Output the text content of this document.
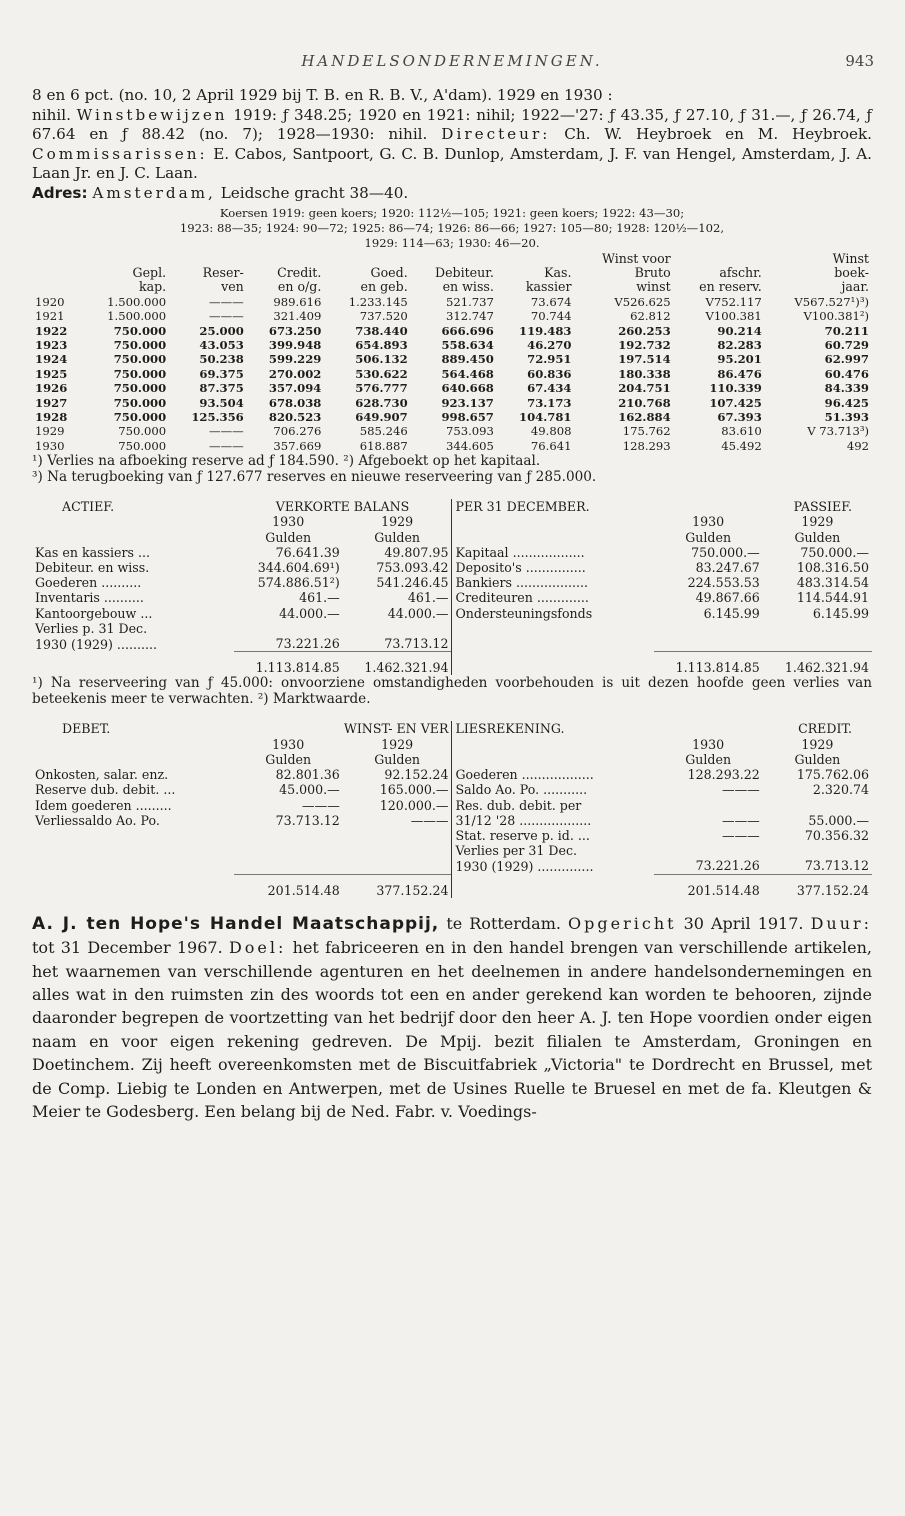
HANDELSONDERNEMINGEN.	943

8 en 6 pct. (no. 10, 2 April 1929 bij T. B. en R. B. V., A'dam). 1929 en 1930 :

nihil. Winstbewijzen 1919: ƒ 348.25; 1920 en 1921: nihil; 1922—'27: ƒ 43.35, ƒ 27.10, ƒ 31.—, ƒ 26.74, ƒ 67.64 en ƒ 88.42 (no. 7); 1928—1930: nihil. Directeur: Ch. W. Heybroek en M. Heybroek. Commissarissen: E. Cabos, Santpoort, G. C. B. Dunlop, Amsterdam, J. F. van Hengel, Amsterdam, J. A. Laan Jr. en J. C. Laan.

Adres: Amsterdam, Leidsche gracht 38—40.

Koersen 1919: geen koers; 1920: 112½—105; 1921: geen koers; 1922: 43—30;

1923: 88—35; 1924: 90—72; 1925: 86—74; 1926: 86—66; 1927: 105—80; 1928: 120½—102,

1929: 114—63; 1930: 46—20.

							Winst voor		Winst
	Gepl.	Reser-	Credit.	Goed.	Debiteur.	Kas.	Bruto	afschr.	boek-
	kap.	ven	en o/g.	en geb.	en wiss.	kassier	winst	en reserv.	jaar.
1920	1.500.000	———	989.616	1.233.145	521.737	73.674	V526.625	V752.117	V567.527¹)³)
1921	1.500.000	———	321.409	737.520	312.747	70.744	62.812	V100.381	V100.381²)
1922	750.000	25.000	673.250	738.440	666.696	119.483	260.253	90.214	70.211
1923	750.000	43.053	399.948	654.893	558.634	46.270	192.732	82.283	60.729
1924	750.000	50.238	599.229	506.132	889.450	72.951	197.514	95.201	62.997
1925	750.000	69.375	270.002	530.622	564.468	60.836	180.338	86.476	60.476
1926	750.000	87.375	357.094	576.777	640.668	67.434	204.751	110.339	84.339
1927	750.000	93.504	678.038	628.730	923.137	73.173	210.768	107.425	96.425
1928	750.000	125.356	820.523	649.907	998.657	104.781	162.884	67.393	51.393
1929	750.000	———	706.276	585.246	753.093	49.808	175.762	83.610	V 73.713³)
1930	750.000	———	357.669	618.887	344.605	76.641	128.293	45.492	492

¹) Verlies na afboeking reserve ad ƒ 184.590. ²) Afgeboekt op het kapitaal.

³) Na terugboeking van ƒ 127.677 reserves en nieuwe reserveering van ƒ 285.000.

ACTIEF.	VERKORTE BALANS		PER 31 DECEMBER.	PASSIEF.	
	1930	1929		1930	1929
	Gulden	Gulden		Gulden	Gulden
Kas en kassiers ...	76.641.39	49.807.95	Kapitaal ..................	750.000.—	750.000.—
Debiteur. en wiss.	344.604.69¹)	753.093.42	Deposito's ...............	83.247.67	108.316.50
Goederen ..........	574.886.51²)	541.246.45	Bankiers ..................	224.553.53	483.314.54
Inventaris ..........	461.—	461.—	Crediteuren .............	49.867.66	114.544.91
Kantoorgebouw ...	44.000.—	44.000.—	Ondersteuningsfonds	6.145.99	6.145.99
Verlies p. 31 Dec.					
1930 (1929) ..........	73.221.26	73.713.12			
	1.113.814.85	1.462.321.94		1.113.814.85	1.462.321.94

¹) Na reserveering van ƒ 45.000: onvoorziene omstandigheden voorbehouden is uit dezen hoofde geen verlies van beteekenis meer te verwachten. ²) Marktwaarde.

DEBET.	WINST- EN VER		LIESREKENING.	CREDIT.	
	1930	1929		1930	1929
	Gulden	Gulden		Gulden	Gulden
Onkosten, salar. enz.	82.801.36	92.152.24	Goederen ..................	128.293.22	175.762.06
Reserve dub. debit. ...	45.000.—	165.000.—	Saldo Ao. Po. ...........	———	2.320.74
Idem goederen .........	———	120.000.—	Res. dub. debit. per		
Verliessaldo Ao. Po.	73.713.12	———	31/12 '28 ..................	———	55.000.—
			Stat. reserve p. id. ...	———	70.356.32
			Verlies per 31 Dec.		
			1930 (1929) ..............	73.221.26	73.713.12
	201.514.48	377.152.24		201.514.48	377.152.24
A. J. ten Hope's Handel Maatschappij, te Rotterdam. Opgericht 30 April 1917. Duur: tot 31 December 1967. Doel: het fabriceeren en in den handel brengen van verschillende artikelen, het waarnemen van verschillende agenturen en het deelnemen in andere handelsondernemingen en alles wat in den ruimsten zin des woords tot een en ander gerekend kan worden te behooren, zijnde daaronder begrepen de voortzetting van het bedrijf door den heer A. J. ten Hope voordien onder eigen naam en voor eigen rekening gedreven. De Mpij. bezit filialen te Amsterdam, Groningen en Doetinchem. Zij heeft overeenkomsten met de Biscuitfabriek „Victoria" te Dordrecht en Brussel, met de Comp. Liebig te Londen en Antwerpen, met de Usines Ruelle te Bruesel en met de fa. Kleutgen & Meier te Godesberg. Een belang bij de Ned. Fabr. v. Voedings-
